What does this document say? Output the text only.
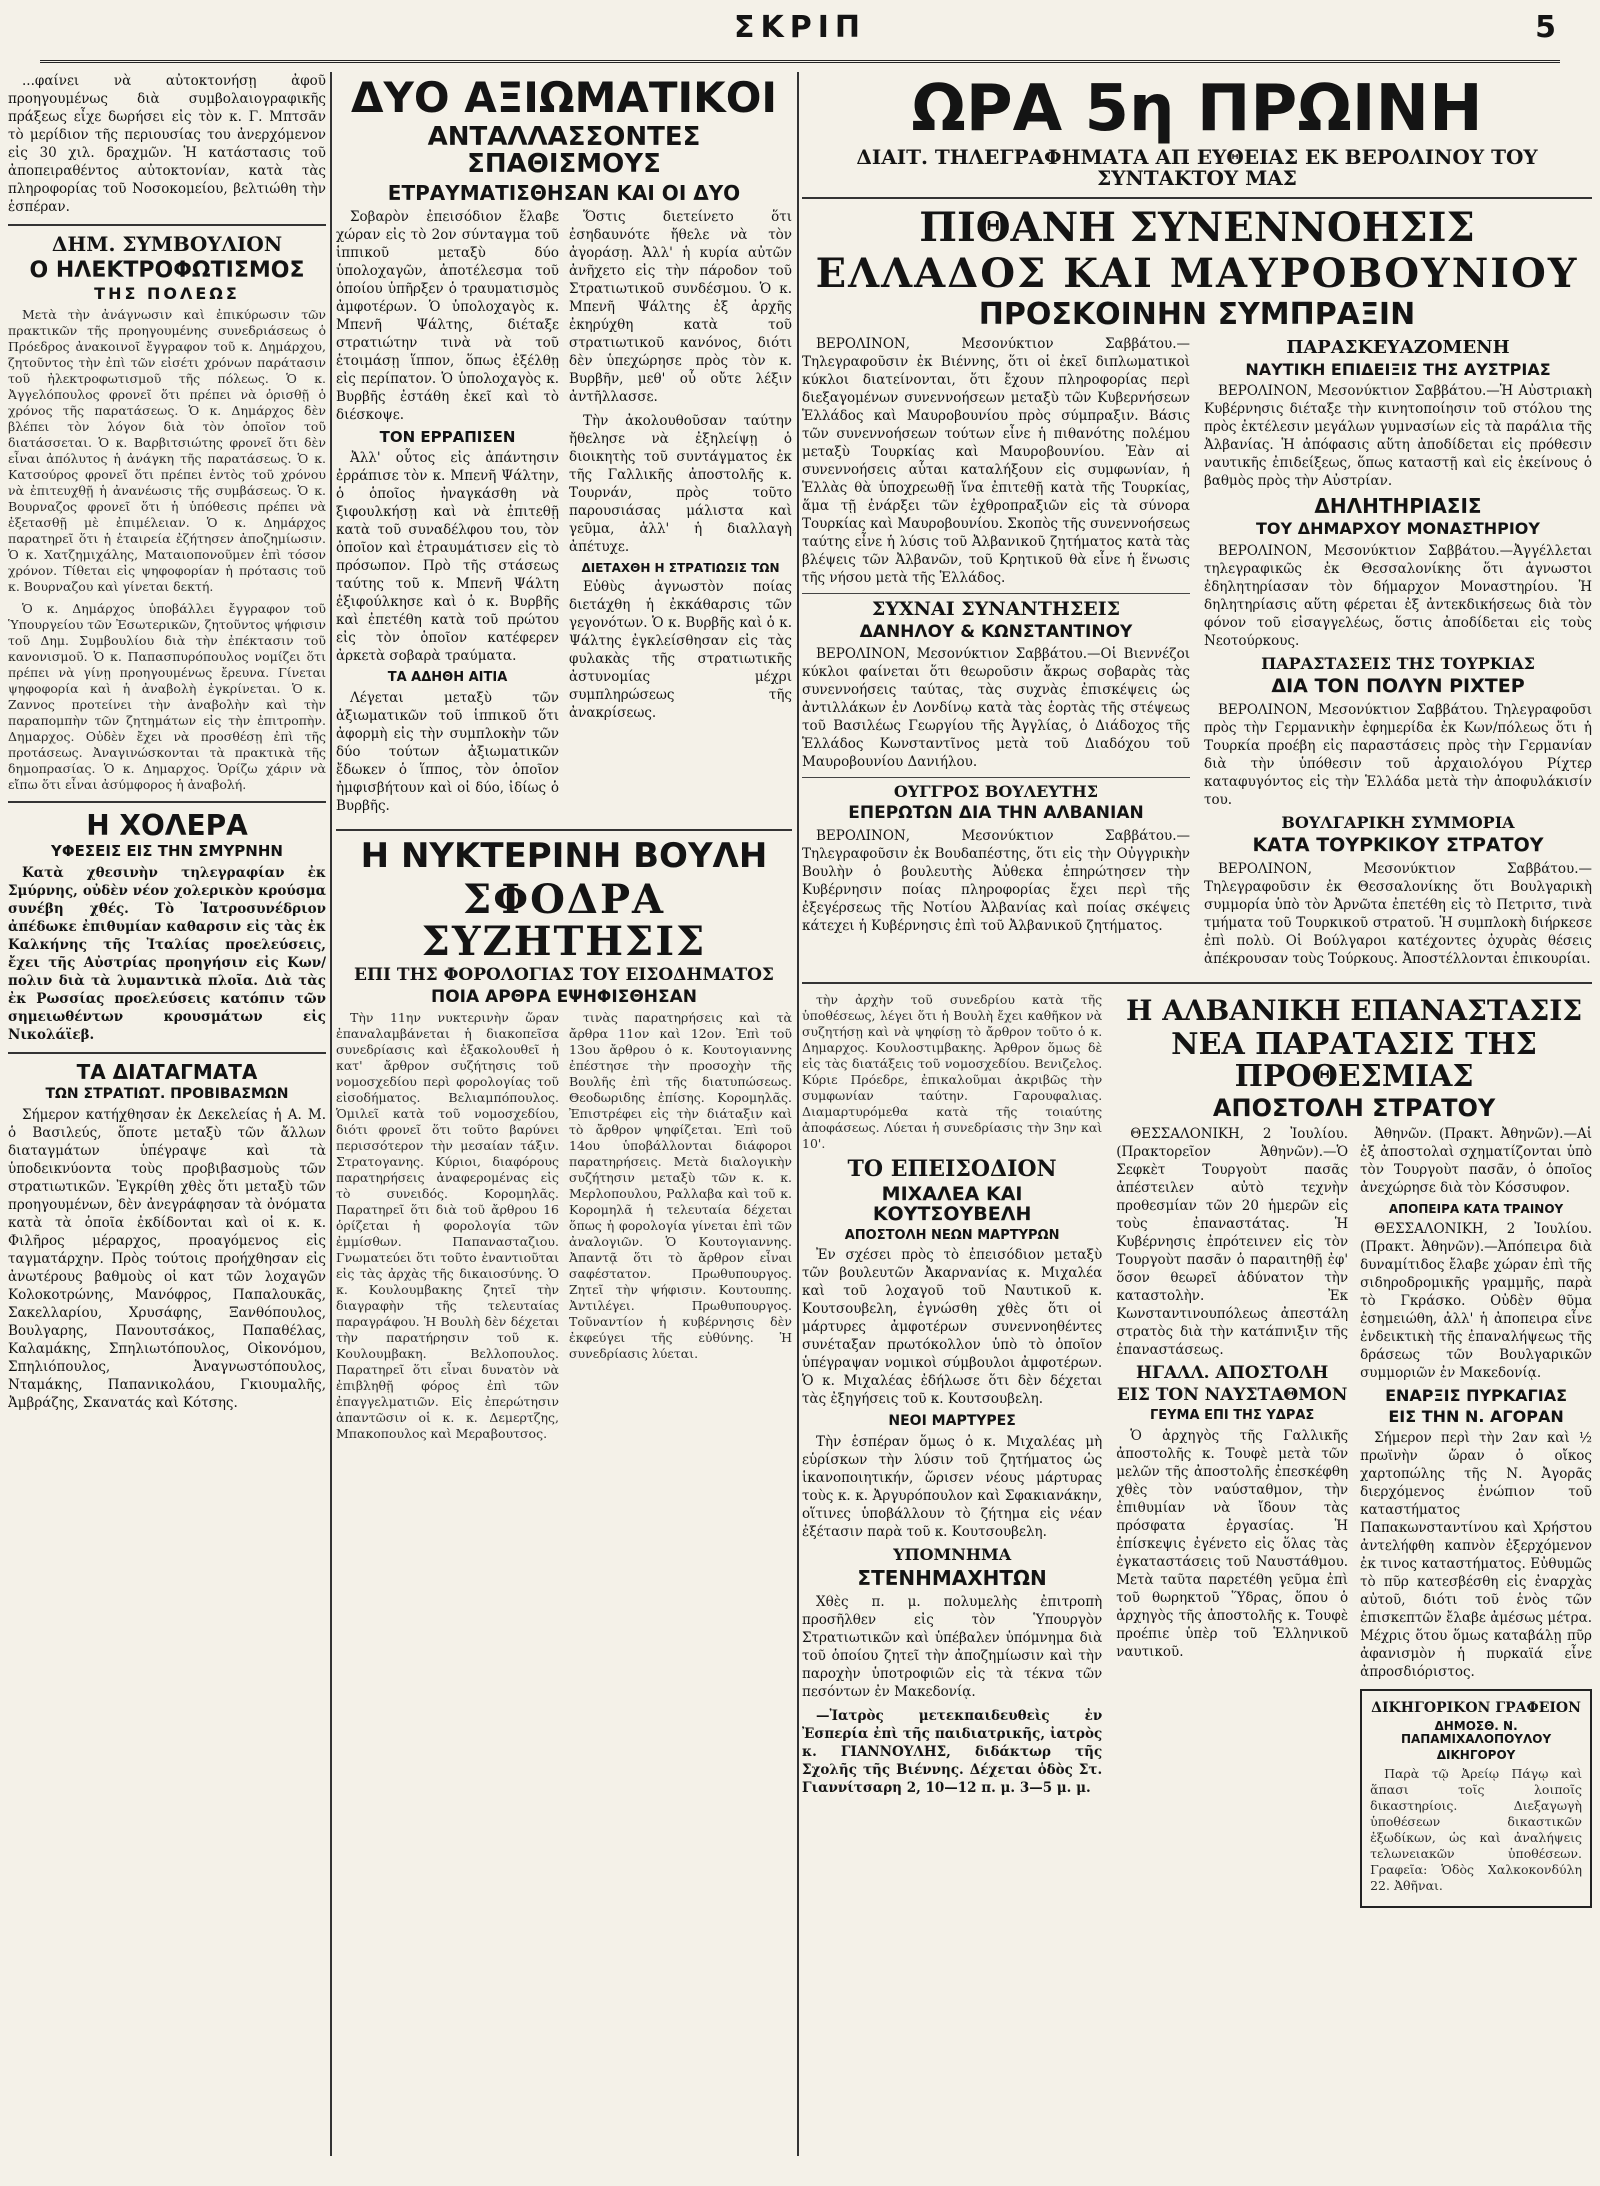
ΣΚΡΙΠ	5

...φαίνει νὰ αὐτοκτονήσῃ ἀφοῦ προηγουμένως διὰ συμβολαιογραφικῆς πράξεως εἶχε δωρήσει εἰς τὸν κ. Γ. Μπτσᾶν τὸ μερίδιον τῆς περιουσίας του ἀνερχόμενον εἰς 30 χιλ. δραχμῶν. Ἡ κατάστασις τοῦ ἀποπειραθέντος αὐτοκτονίαν, κατὰ τὰς πληροφορίας τοῦ Νοσοκομείου, βελτιώθη τὴν ἑσπέραν.

ΔΗΜ. ΣΥΜΒΟΥΛΙΟΝ
Ο ΗΛΕΚΤΡΟΦΩΤΙΣΜΟΣ
ΤΗΣ ΠΟΛΕΩΣ

Μετὰ τὴν ἀνάγνωσιν καὶ ἐπικύρωσιν τῶν πρακτικῶν τῆς προηγουμένης συνεδριάσεως ὁ Πρόεδρος ἀνακοινοῖ ἔγγραφον τοῦ κ. Δημάρχου, ζητοῦντος τὴν ἐπὶ τῶν εἰσέτι χρόνων παράτασιν τοῦ ἠλεκτροφωτισμοῦ τῆς πόλεως. Ὁ κ. Ἀγγελόπουλος φρονεῖ ὅτι πρέπει νὰ ὁρισθῇ ὁ χρόνος τῆς παρατάσεως. Ὁ κ. Δημάρχος δὲν βλέπει τὸν λόγον διὰ τὸν ὁποῖον τοῦ διατάσσεται. Ὁ κ. Βαρβιτσιώτης φρονεῖ ὅτι δὲν εἶναι ἀπόλυτος ἡ ἀνάγκη τῆς παρατάσεως. Ὁ κ. Κατσούρος φρονεῖ ὅτι πρέπει ἐντὸς τοῦ χρόνου νὰ ἐπιτευχθῇ ἡ ἀνανέωσις τῆς συμβάσεως. Ὁ κ. Βουρναζος φρονεῖ ὅτι ἡ ὑπόθεσις πρέπει νὰ ἐξετασθῇ μὲ ἐπιμέλειαν. Ὁ κ. Δημάρχος παρατηρεῖ ὅτι ἡ ἑταιρεία ἐζήτησεν ἀποζημίωσιν. Ὁ κ. Χατζημιχάλης, Ματαιοπονοῦμεν ἐπὶ τόσον χρόνον. Τίθεται εἰς ψηφοφορίαν ἡ πρότασις τοῦ κ. Βουρναζου καὶ γίνεται δεκτή.

Ὁ κ. Δημάρχος ὑποβάλλει ἔγγραφον τοῦ Ὑπουργείου τῶν Ἐσωτερικῶν, ζητοῦντος ψήφισιν τοῦ Δημ. Συμβουλίου διὰ τὴν ἐπέκτασιν τοῦ κανονισμοῦ. Ὁ κ. Παπασπυρόπουλος νομίζει ὅτι πρέπει νὰ γίνῃ προηγουμένως ἔρευνα. Γίνεται ψηφοφορία καὶ ἡ ἀναβολὴ ἐγκρίνεται. Ὁ κ. Ζαννος προτείνει τὴν ἀναβολὴν καὶ τὴν παραπομπὴν τῶν ζητημάτων εἰς τὴν ἐπιτροπὴν. Δημαρχος. Οὐδὲν ἔχει νὰ προσθέσῃ ἐπὶ τῆς προτάσεως. Ἀναγινώσκονται τὰ πρακτικὰ τῆς δημοπρασίας. Ὁ κ. Δημαρχος. Ὁρίζω χάριν νὰ εἴπω ὅτι εἶναι ἀσύμφορος ἡ ἀναβολή.

Η ΧΟΛΕΡΑ
ΥΦΕΣΕΙΣ ΕΙΣ ΤΗΝ ΣΜΥΡΝΗΝ

Κατὰ χθεσινὴν τηλεγραφίαν ἐκ Σμύρνης, οὐδὲν νέον χολερικὸν κρούσμα συνέβη χθές. Τὸ Ἰατροσυνέδριον ἀπέδωκε ἐπιθυμίαν καθαρσιν εἰς τὰς ἐκ Καλκήνης τῆς Ἰταλίας προελεύσεις, ἔχει τῆς Αὐστρίας προηγήσιν εἰς Κων/πολιν διὰ τὰ λυμαντικὰ πλοῖα. Διὰ τὰς ἐκ Ρωσσίας προελεύσεις κατόπιν τῶν σημειωθέντων κρουσμάτων εἰς Νικολάϊεβ.

ΤΑ ΔΙΑΤΑΓΜΑΤΑ
ΤΩΝ ΣΤΡΑΤΙΩΤ. ΠΡΟΒΙΒΑΣΜΩΝ

Σήμερον κατήχθησαν ἐκ Δεκελείας ἡ Α. Μ. ὁ Βασιλεύς, ὅποτε μεταξὺ τῶν ἄλλων διαταγμάτων ὑπέγραψε καὶ τὰ ὑποδεικνύοντα τοὺς προβιβασμοὺς τῶν στρατιωτικῶν. Ἐγκρίθη χθὲς ὅτι μεταξὺ τῶν προηγουμένων, δὲν ἀνεγράφησαν τὰ ὀνόματα κατὰ τὰ ὁποῖα ἐκδίδονται καὶ οἱ κ. κ. Φιλῆρος μέραρχος, προαγόμενος εἰς ταγματάρχην. Πρὸς τούτοις προήχθησαν εἰς ἀνωτέρους βαθμοὺς οἱ κατ τῶν λοχαγῶν Κολοκοτρώνης, Μανόφρος, Παπαλουκᾶς, Σακελλαρίου, Χρυσάφης, Ξανθόπουλος, Βουλγαρης, Πανουτσάκος, Παπαθέλας, Καλαμάκης, Σπηλιωτόπουλος, Οἰκονόμου, Σπηλιόπουλος, Ἀναγνωστόπουλος, Νταμάκης, Παπανικολάου, Γκιουμαλῆς, Ἀμβράζης, Σκανατάς καὶ Κότσης.

ΔΥΟ ΑΞΙΩΜΑΤΙΚΟΙ
ΑΝΤΑΛΛΑΣΣΟΝΤΕΣ ΣΠΑΘΙΣΜΟΥΣ
ΕΤΡΑΥΜΑΤΙΣΘΗΣΑΝ ΚΑΙ ΟΙ ΔΥΟ

Σοβαρὸν ἐπεισόδιον ἔλαβε χώραν εἰς τὸ 2ον σύνταγμα τοῦ ἱππικοῦ μεταξὺ δύο ὑπολοχαγῶν, ἀποτέλεσμα τοῦ ὁποίου ὑπῆρξεν ὁ τραυματισμὸς ἀμφοτέρων. Ὁ ὑπολοχαγὸς κ. Μπενῆ Ψάλτης, διέταξε στρατιώτην τινὰ νὰ τοῦ ἑτοιμάσῃ ἵππον, ὅπως ἐξέλθῃ εἰς περίπατον. Ὁ ὑπολοχαγὸς κ. Βυρβῆς ἐστάθη ἐκεῖ καὶ τὸ διέσκοψε.

ΤΟΝ ΕΡΡΑΠΙΣΕΝ

Ἀλλ' οὗτος εἰς ἀπάντησιν ἐρράπισε τὸν κ. Μπενῆ Ψάλτην, ὁ ὁποῖος ἠναγκάσθη νὰ ξιφουλκήσῃ καὶ νὰ ἐπιτεθῇ κατὰ τοῦ συναδέλφου του, τὸν ὁποῖον καὶ ἐτραυμάτισεν εἰς τὸ πρόσωπον. Πρὸ τῆς στάσεως ταύτης τοῦ κ. Μπενῆ Ψάλτη ἐξιφούλκησε καὶ ὁ κ. Βυρβῆς καὶ ἐπετέθη κατὰ τοῦ πρώτου εἰς τὸν ὁποῖον κατέφερεν ἀρκετὰ σοβαρὰ τραύματα.

ΤΑ ΑΔΗΘΗ ΑΙΤΙΑ

Λέγεται μεταξὺ τῶν ἀξιωματικῶν τοῦ ἱππικοῦ ὅτι ἀφορμὴ εἰς τὴν συμπλοκὴν τῶν δύο τούτων ἀξιωματικῶν ἔδωκεν ὁ ἵππος, τὸν ὁποῖον ἠμφισβήτουν καὶ οἱ δύο, ἰδίως ὁ Βυρβῆς.

Ὅστις διετείνετο ὅτι ἐσηδαυνότε ἤθελε νὰ τὸν ἀγοράσῃ. Ἀλλ' ἡ κυρία αὐτῶν ἀνῆχετο εἰς τὴν πάροδον τοῦ Στρατιωτικοῦ συνδέσμου. Ὁ κ. Μπενῆ Ψάλτης ἐξ ἀρχῆς ἐκηρύχθη κατὰ τοῦ στρατιωτικοῦ κανόνος, διότι δὲν ὑπεχώρησε πρὸς τὸν κ. Βυρβῆν, μεθ' οὗ οὔτε λέξιν ἀντῆλλασσε.

Τὴν ἀκολουθοῦσαν ταύτην ἤθελησε νὰ ἐξηλείψῃ ὁ διοικητὴς τοῦ συντάγματος ἐκ τῆς Γαλλικῆς ἀποστολῆς κ. Τουρνάν, πρὸς τοῦτο παρουσιάσας μάλιστα καὶ γεῦμα, ἀλλ' ἡ διαλλαγὴ ἀπέτυχε.

ΔΙΕΤΑΧΘΗ Η ΣΤΡΑΤΙΩΣΙΣ ΤΩΝ

Εὐθὺς ἀγνωστὸν ποίας διετάχθη ἡ ἐκκάθαρσις τῶν γεγονότων. Ὁ κ. Βυρβῆς καὶ ὁ κ. Ψάλτης ἐγκλείσθησαν εἰς τὰς φυλακὰς τῆς στρατιωτικῆς ἀστυνομίας μέχρι συμπληρώσεως τῆς ἀνακρίσεως.

Η ΝΥΚΤΕΡΙΝΗ ΒΟΥΛΗ
ΣΦΟΔΡΑ ΣΥΖΗΤΗΣΙΣ
ΕΠΙ ΤΗΣ ΦΟΡΟΛΟΓΙΑΣ ΤΟΥ ΕΙΣΟΔΗΜΑΤΟΣ
ΠΟΙΑ ΑΡΘΡΑ ΕΨΗΦΙΣΘΗΣΑΝ

Τὴν 11ην νυκτερινὴν ὥραν ἐπαναλαμβάνεται ἡ διακοπεῖσα συνεδρίασις καὶ ἐξακολουθεῖ ἡ κατ' ἄρθρον συζήτησις τοῦ νομοσχεδίου περὶ φορολογίας τοῦ εἰσοδήματος. Βελιαμπόπουλος. Ὁμιλεῖ κατὰ τοῦ νομοσχεδίου, διότι φρονεῖ ὅτι τοῦτο βαρύνει περισσότερον τὴν μεσαίαν τάξιν. Στρατογανης. Κύριοι, διαφόρους παρατηρήσεις ἀναφερομένας εἰς τὸ συνειδός. Κορομηλᾶς. Παρατηρεῖ ὅτι διὰ τοῦ ἄρθρου 16 ὁρίζεται ἡ φορολογία τῶν ἐμμίσθων. Παπανασταζιου. Γνωματεύει ὅτι τοῦτο ἐναντιοῦται εἰς τὰς ἀρχὰς τῆς δικαιοσύνης. Ὁ κ. Κουλουμβακης ζητεῖ τὴν διαγραφὴν τῆς τελευταίας παραγράφου. Ἡ Βουλὴ δὲν δέχεται τὴν παρατήρησιν τοῦ κ. Κουλουμβακη. Βελλοπουλος. Παρατηρεῖ ὅτι εἶναι δυνατὸν νὰ ἐπιβληθῇ φόρος ἐπὶ τῶν ἐπαγγελματιῶν. Εἰς ἐπερώτησιν ἀπαντῶσιν οἱ κ. κ. Δεμερτζης, Μπακοπουλος καὶ Μεραβουτσος.

τινὰς παρατηρήσεις καὶ τὰ ἄρθρα 11ον καὶ 12ον. Ἐπὶ τοῦ 13ου ἄρθρου ὁ κ. Κουτογιαννης ἐπέστησε τὴν προσοχὴν τῆς Βουλῆς ἐπὶ τῆς διατυπώσεως. Θεοδωριδης ἐπίσης. Κορομηλᾶς. Ἐπιστρέφει εἰς τὴν διάταξιν καὶ τὸ ἄρθρον ψηφίζεται. Ἐπὶ τοῦ 14ου ὑποβάλλονται διάφοροι παρατηρήσεις. Μετὰ διαλογικὴν συζήτησιν μεταξὺ τῶν κ. κ. Μερλοπουλου, Ραλλαβα καὶ τοῦ κ. Κορομηλᾶ ἡ τελευταία δέχεται ὅπως ἡ φορολογία γίνεται ἐπὶ τῶν ἀναλογιῶν. Ὁ Κουτογιαννης. Ἀπαντᾷ ὅτι τὸ ἄρθρον εἶναι σαφέστατον. Πρωθυπουργος. Ζητεῖ τὴν ψήφισιν. Κουτουπης. Ἀντιλέγει. Πρωθυπουργος. Τοῦναντίον ἡ κυβέρνησις δὲν ἐκφεύγει τῆς εὐθύνης. Ἡ συνεδρίασις λύεται.

ΩΡΑ 5η ΠΡΩΙΝΗ
ΔΙΑΙΤ. ΤΗΛΕΓΡΑΦΗΜΑΤΑ ΑΠ ΕΥΘΕΙΑΣ ΕΚ ΒΕΡΟΛΙΝΟΥ ΤΟΥ ΣΥΝΤΑΚΤΟΥ ΜΑΣ
ΠΙΘΑΝΗ ΣΥΝΕΝΝΟΗΣΙΣ
ΕΛΛΑΔΟΣ ΚΑΙ ΜΑΥΡΟΒΟΥΝΙΟΥ
ΠΡΟΣΚΟΙΝΗΝ ΣΥΜΠΡΑΞΙΝ

ΒΕΡΟΛΙΝΟΝ, Μεσονύκτιον Σαββάτου.—Τηλεγραφοῦσιν ἐκ Βιέννης, ὅτι οἱ ἐκεῖ διπλωματικοὶ κύκλοι διατείνονται, ὅτι ἔχουν πληροφορίας περὶ διεξαγομένων συνεννοήσεων μεταξὺ τῶν Κυβερνήσεων Ἑλλάδος καὶ Μαυροβουνίου πρὸς σύμπραξιν. Βάσις τῶν συνεννοήσεων τούτων εἶνε ἡ πιθανότης πολέμου μεταξὺ Τουρκίας καὶ Μαυροβουνίου. Ἐὰν αἱ συνεννοήσεις αὗται καταλήξουν εἰς συμφωνίαν, ἡ Ἑλλὰς θὰ ὑποχρεωθῇ ἵνα ἐπιτεθῇ κατὰ τῆς Τουρκίας, ἅμα τῇ ἐνάρξει τῶν ἐχθροπραξιῶν εἰς τὰ σύνορα Τουρκίας καὶ Μαυροβουνίου. Σκοπὸς τῆς συνεννοήσεως ταύτης εἶνε ἡ λύσις τοῦ Ἀλβανικοῦ ζητήματος κατὰ τὰς βλέψεις τῶν Ἀλβανῶν, τοῦ Κρητικοῦ θὰ εἶνε ἡ ἕνωσις τῆς νήσου μετὰ τῆς Ἑλλάδος.

ΣΥΧΝΑΙ ΣΥΝΑΝΤΗΣΕΙΣ
ΔΑΝΗΛΟΥ & ΚΩΝΣΤΑΝΤΙΝΟΥ

ΒΕΡΟΛΙΝΟΝ, Μεσονύκτιον Σαββάτου.—Οἱ Βιεννέζοι κύκλοι φαίνεται ὅτι θεωροῦσιν ἄκρως σοβαρὰς τὰς συνεννοήσεις ταύτας, τὰς συχνὰς ἐπισκέψεις ὡς ἀντιλλάκων ἐν Λονδίνῳ κατὰ τὰς ἑορτὰς τῆς στέψεως τοῦ Βασιλέως Γεωργίου τῆς Ἀγγλίας, ὁ Διάδοχος τῆς Ἑλλάδος Κωνσταντῖνος μετὰ τοῦ Διαδόχου τοῦ Μαυροβουνίου Δανιήλου.

ΟΥΓΓΡΟΣ ΒΟΥΛΕΥΤΗΣ
ΕΠΕΡΩΤΩΝ ΔΙΑ ΤΗΝ ΑΛΒΑΝΙΑΝ

ΒΕΡΟΛΙΝΟΝ, Μεσονύκτιον Σαββάτου.—Τηλεγραφοῦσιν ἐκ Βουδαπέστης, ὅτι εἰς τὴν Οὐγγρικὴν Βουλὴν ὁ βουλευτὴς Ἀὐθεκα ἐπηρώτησεν τὴν Κυβέρνησιν ποίας πληροφορίας ἔχει περὶ τῆς ἐξεγέρσεως τῆς Νοτίου Ἀλβανίας καὶ ποίας σκέψεις κάτεχει ἡ Κυβέρνησις ἐπὶ τοῦ Ἀλβανικοῦ ζητήματος.

ΠΑΡΑΣΚΕΥΑΖΟΜΕΝΗ
ΝΑΥΤΙΚΗ ΕΠΙΔΕΙΞΙΣ ΤΗΣ ΑΥΣΤΡΙΑΣ

ΒΕΡΟΛΙΝΟΝ, Μεσονύκτιον Σαββάτου.—Ἡ Αὐστριακὴ Κυβέρνησις διέταξε τὴν κινητοποίησιν τοῦ στόλου της πρὸς ἐκτέλεσιν μεγάλων γυμνασίων εἰς τὰ παράλια τῆς Ἀλβανίας. Ἡ ἀπόφασις αὕτη ἀποδίδεται εἰς πρόθεσιν ναυτικῆς ἐπιδείξεως, ὅπως καταστῇ καὶ εἰς ἐκείνους ὁ βαθμὸς πρὸς τὴν Αὐστρίαν.

ΔΗΛΗΤΗΡΙΑΣΙΣ
ΤΟΥ ΔΗΜΑΡΧΟΥ ΜΟΝΑΣΤΗΡΙΟΥ

ΒΕΡΟΛΙΝΟΝ, Μεσονύκτιον Σαββάτου.—Ἀγγέλλεται τηλεγραφικῶς ἐκ Θεσσαλονίκης ὅτι ἀγνωστοι ἐδηλητηρίασαν τὸν δήμαρχον Μοναστηρίου. Ἡ δηλητηρίασις αὕτη φέρεται ἐξ ἀντεκδικήσεως διὰ τὸν φόνον τοῦ εἰσαγγελέως, ὅστις ἀποδίδεται εἰς τοὺς Νεοτούρκους.

ΠΑΡΑΣΤΑΣΕΙΣ ΤΗΣ ΤΟΥΡΚΙΑΣ
ΔΙΑ ΤΟΝ ΠΟΛΥΝ ΡΙΧΤΕΡ

ΒΕΡΟΛΙΝΟΝ, Μεσονύκτιον Σαββάτου. Τηλεγραφοῦσι πρὸς τὴν Γερμανικὴν ἐφημερίδα ἐκ Κων/πόλεως ὅτι ἡ Τουρκία προέβη εἰς παραστάσεις πρὸς τὴν Γερμανίαν διὰ τὴν ὑπόθεσιν τοῦ ἀρχαιολόγου Ρίχτερ καταφυγόντος εἰς τὴν Ἑλλάδα μετὰ τὴν ἀποφυλάκισίν του.

ΒΟΥΛΓΑΡΙΚΗ ΣΥΜΜΟΡΙΑ
ΚΑΤΑ ΤΟΥΡΚΙΚΟΥ ΣΤΡΑΤΟΥ

ΒΕΡΟΛΙΝΟΝ, Μεσονύκτιον Σαββάτου.—Τηλεγραφοῦσιν ἐκ Θεσσαλονίκης ὅτι Βουλγαρικὴ συμμορία ὑπὸ τὸν Ἀρνῶτα ἐπετέθη εἰς τὸ Πετριτσ, τινὰ τμήματα τοῦ Τουρκικοῦ στρατοῦ. Ἡ συμπλοκὴ διήρκεσε ἐπὶ πολὺ. Οἱ Βούλγαροι κατέχοντες ὀχυρὰς θέσεις ἀπέκρουσαν τοὺς Τούρκους. Ἀποστέλλονται ἐπικουρίαι.

τὴν ἀρχὴν τοῦ συνεδρίου κατὰ τῆς ὑποθέσεως, λέγει ὅτι ἡ Βουλὴ ἔχει καθῆκον νὰ συζητήσῃ καὶ νὰ ψηφίσῃ τὸ ἄρθρον τοῦτο ὁ κ. Δημαρχος. Κουλοστιμβακης. Ἀρθρον ὅμως δὲ εἰς τὰς διατάξεις τοῦ νομοσχεδίου. Βενιζελος. Κύριε Πρόεδρε, ἐπικαλοῦμαι ἀκριβῶς τὴν συμφωνίαν ταύτην. Γαρουφαλιας. Διαμαρτυρόμεθα κατὰ τῆς τοιαύτης ἀποφάσεως. Λύεται ἡ συνεδρίασις τὴν 3ην καὶ 10'.

ΤΟ ΕΠΕΙΣΟΔΙΟΝ
ΜΙΧΑΛΕΑ ΚΑΙ ΚΟΥΤΣΟΥΒΕΛΗ
ΑΠΟΣΤΟΛΗ ΝΕΩΝ ΜΑΡΤΥΡΩΝ

Ἐν σχέσει πρὸς τὸ ἐπεισόδιον μεταξὺ τῶν βουλευτῶν Ἀκαρνανίας κ. Μιχαλέα καὶ τοῦ λοχαγοῦ τοῦ Ναυτικοῦ κ. Κουτσουβελη, ἐγνώσθη χθὲς ὅτι οἱ μάρτυρες ἀμφοτέρων συνεννοηθέντες συνέταξαν πρωτόκολλον ὑπὸ τὸ ὁποῖον ὑπέγραψαν νομικοὶ σύμβουλοι ἀμφοτέρων. Ὁ κ. Μιχαλέας ἐδήλωσε ὅτι δὲν δέχεται τὰς ἐξηγήσεις τοῦ κ. Κουτσουβελη.

ΝΕΟΙ ΜΑΡΤΥΡΕΣ

Τὴν ἑσπέραν ὅμως ὁ κ. Μιχαλέας μὴ εὑρίσκων τὴν λύσιν τοῦ ζητήματος ὡς ἱκανοποιητικήν, ὥρισεν νέους μάρτυρας τοὺς κ. κ. Ἀργυρόπουλον καὶ Σφακιανάκην, οἵτινες ὑποβάλλουν τὸ ζήτημα εἰς νέαν ἐξέτασιν παρὰ τοῦ κ. Κουτσουβελη.

ΥΠΟΜΝΗΜΑ
ΣΤΕΝΗΜΑΧΗΤΩΝ

Χθὲς π. μ. πολυμελὴς ἐπιτροπὴ προσῆλθεν εἰς τὸν Ὑπουργὸν Στρατιωτικῶν καὶ ὑπέβαλεν ὑπόμνημα διὰ τοῦ ὁποίου ζητεῖ τὴν ἀποζημίωσιν καὶ τὴν παροχὴν ὑποτροφιῶν εἰς τὰ τέκνα τῶν πεσόντων ἐν Μακεδονίᾳ.

—Ἰατρὸς μετεκπαιδευθεὶς ἐν Ἐσπερία ἐπὶ τῆς παιδιατρικῆς, ἰατρὸς κ. ΓΙΑΝΝΟΥΛΗΣ, διδάκτωρ τῆς Σχολῆς τῆς Βιέννης. Δέχεται ὁδὸς Στ. Γιαννίτσαρη 2, 10—12 π. μ. 3—5 μ. μ.

Η ΑΛΒΑΝΙΚΗ ΕΠΑΝΑΣΤΑΣΙΣ
ΝΕΑ ΠΑΡΑΤΑΣΙΣ ΤΗΣ ΠΡΟΘΕΣΜΙΑΣ
ΑΠΟΣΤΟΛΗ ΣΤΡΑΤΟΥ

ΘΕΣΣΑΛΟΝΙΚΗ, 2 Ἰουλίου. (Πρακτορεῖον Ἀθηνῶν).—Ὁ Σεφκὲτ Τουργοὺτ πασᾶς ἀπέστειλεν αὐτὸ τεχνὴν προθεσμίαν τῶν 20 ἡμερῶν εἰς τοὺς ἐπαναστάτας. Ἡ Κυβέρνησις ἐπρότεινεν εἰς τὸν Τουργοὺτ πασᾶν ὁ παραιτηθῇ ἐφ' ὅσον θεωρεῖ ἀδύνατον τὴν καταστολὴν. Ἐκ Κωνσταντινουπόλεως ἀπεστάλη στρατὸς διὰ τὴν κατάπνιξιν τῆς ἐπαναστάσεως.

ΗΓΑΛΛ. ΑΠΟΣΤΟΛΗ
ΕΙΣ ΤΟΝ ΝΑΥΣΤΑΘΜΟΝ
ΓΕΥΜΑ ΕΠΙ ΤΗΣ ΥΔΡΑΣ

Ὁ ἀρχηγὸς τῆς Γαλλικῆς ἀποστολῆς κ. Τουφὲ μετὰ τῶν μελῶν τῆς ἀποστολῆς ἐπεσκέφθη χθὲς τὸν ναύσταθμον, τὴν ἐπιθυμίαν νὰ ἴδουν τὰς πρόσφατα ἐργασίας. Ἡ ἐπίσκεψις ἐγένετο εἰς ὅλας τὰς ἐγκαταστάσεις τοῦ Ναυστάθμου. Μετὰ ταῦτα παρετέθη γεῦμα ἐπὶ τοῦ θωρηκτοῦ Ὕδρας, ὅπου ὁ ἀρχηγὸς τῆς ἀποστολῆς κ. Τουφὲ προέπιε ὑπὲρ τοῦ Ἑλληνικοῦ ναυτικοῦ.

Ἀθηνῶν. (Πρακτ. Ἀθηνῶν).—Αἱ ἐξ ἀποστολαὶ σχηματίζονται ὑπὸ τὸν Τουργοὺτ πασᾶν, ὁ ὁποῖος ἀνεχώρησε διὰ τὸν Κόσσυφον.

ΑΠΟΠΕΙΡΑ ΚΑΤΑ ΤΡΑΙΝΟΥ

ΘΕΣΣΑΛΟΝΙΚΗ, 2 Ἰουλίου. (Πρακτ. Ἀθηνῶν).—Ἀπόπειρα διὰ δυναμίτιδος ἔλαβε χώραν ἐπὶ τῆς σιδηροδρομικῆς γραμμῆς, παρὰ τὸ Γκράσκο. Οὐδὲν θῦμα ἐσημειώθη, ἀλλ' ἡ ἀποπειρα εἶνε ἐνδεικτικὴ τῆς ἐπαναλήψεως τῆς δράσεως τῶν Βουλγαρικῶν συμμοριῶν ἐν Μακεδονίᾳ.

ΕΝΑΡΞΙΣ ΠΥΡΚΑΓΙΑΣ
ΕΙΣ ΤΗΝ Ν. ΑΓΟΡΑΝ

Σήμερον περὶ τὴν 2αν καὶ ½ πρωϊνὴν ὥραν ὁ οἴκος χαρτοπώλης τῆς Ν. Ἀγορᾶς διερχόμενος ἐνώπιον τοῦ καταστήματος Παπακωνσταντίνου καὶ Χρήστου ἀντελήφθη καπνὸν ἐξερχόμενον ἐκ τινος καταστήματος. Εὐθυμῶς τὸ πῦρ κατεσβέσθη εἰς ἐναρχὰς αὐτοῦ, διότι τοῦ ἑνὸς τῶν ἐπισκεπτῶν ἔλαβε ἀμέσως μέτρα. Μέχρις ὅτου ὅμως καταβάλῃ πῦρ ἀφανισμὸν ἡ πυρκαϊά εἶνε ἀπροσδιόριστος.

ΔΙΚΗΓΟΡΙΚΟΝ ΓΡΑΦΕΙΟΝ
ΔΗΜΟΣΘ. Ν. ΠΑΠΑΜΙΧΑΛΟΠΟΥΛΟΥ
ΔΙΚΗΓΟΡΟΥ

Παρὰ τῷ Ἀρείῳ Πάγῳ καὶ ἅπασι τοῖς λοιποῖς δικαστηρίοις. Διεξαγωγὴ ὑποθέσεων δικαστικῶν ἐξωδίκων, ὡς καὶ ἀναλήψεις τελωνειακῶν ὑποθέσεων. Γραφεῖα: Ὁδὸς Χαλκοκονδύλη 22. Ἀθῆναι.
